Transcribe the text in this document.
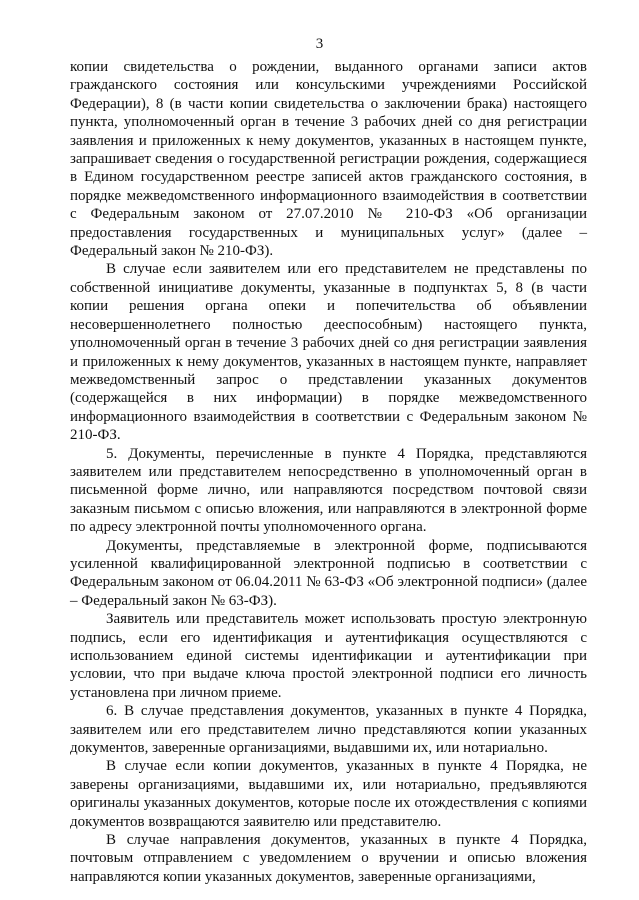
3

копии свидетельства о рождении, выданного органами записи актов гражданского состояния или консульскими учреждениями Российской Федерации), 8 (в части копии свидетельства о заключении брака) настоящего пункта, уполномоченный орган в течение 3 рабочих дней со дня регистрации заявления и приложенных к нему документов, указанных в настоящем пункте, запрашивает сведения о государственной регистрации рождения, содержащиеся в Едином государственном реестре записей актов гражданского состояния, в порядке межведомственного информационного взаимодействия в соответствии с Федеральным законом от 27.07.2010 № 210-ФЗ «Об организации предоставления государственных и муниципальных услуг» (далее – Федеральный закон № 210-ФЗ).

В случае если заявителем или его представителем не представлены по собственной инициативе документы, указанные в подпунктах 5, 8 (в части копии решения органа опеки и попечительства об объявлении несовершеннолетнего полностью дееспособным) настоящего пункта, уполномоченный орган в течение 3 рабочих дней со дня регистрации заявления и приложенных к нему документов, указанных в настоящем пункте, направляет межведомственный запрос о представлении указанных документов (содержащейся в них информации) в порядке межведомственного информационного взаимодействия в соответствии с Федеральным законом № 210-ФЗ.

5. Документы, перечисленные в пункте 4 Порядка, представляются заявителем или представителем непосредственно в уполномоченный орган в письменной форме лично, или направляются посредством почтовой связи заказным письмом с описью вложения, или направляются в электронной форме по адресу электронной почты уполномоченного органа.

Документы, представляемые в электронной форме, подписываются усиленной квалифицированной электронной подписью в соответствии с Федеральным законом от 06.04.2011 № 63-ФЗ «Об электронной подписи» (далее – Федеральный закон № 63-ФЗ).

Заявитель или представитель может использовать простую электронную подпись, если его идентификация и аутентификация осуществляются с использованием единой системы идентификации и аутентификации при условии, что при выдаче ключа простой электронной подписи его личность установлена при личном приеме.

6. В случае представления документов, указанных в пункте 4 Порядка, заявителем или его представителем лично представляются копии указанных документов, заверенные организациями, выдавшими их, или нотариально.

В случае если копии документов, указанных в пункте 4 Порядка, не заверены организациями, выдавшими их, или нотариально, предъявляются оригиналы указанных документов, которые после их отождествления с копиями документов возвращаются заявителю или представителю.

В случае направления документов, указанных в пункте 4 Порядка, почтовым отправлением с уведомлением о вручении и описью вложения направляются копии указанных документов, заверенные организациями,
